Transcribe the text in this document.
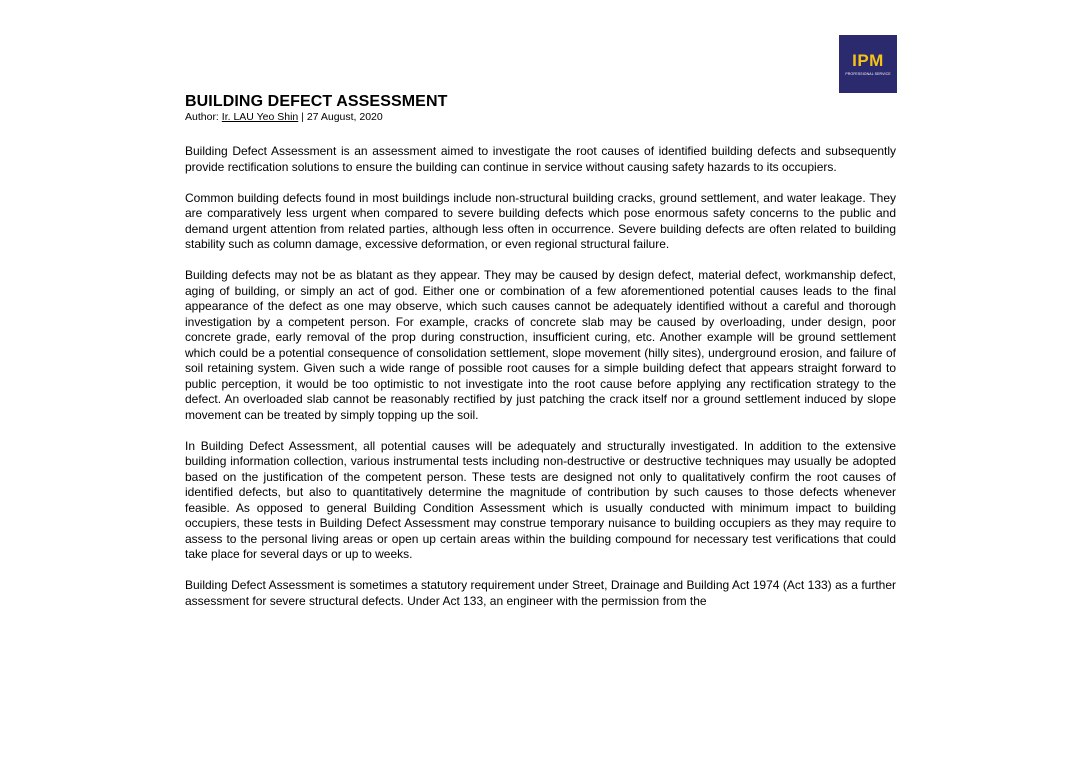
IPM
PROFESSIONAL SERVICE
BUILDING DEFECT ASSESSMENT

Author: Ir. LAU Yeo Shin | 27 August, 2020

Building Defect Assessment is an assessment aimed to investigate the root causes of identified building defects and subsequently provide rectification solutions to ensure the building can continue in service without causing safety hazards to its occupiers.

Common building defects found in most buildings include non-structural building cracks, ground settlement, and water leakage. They are comparatively less urgent when compared to severe building defects which pose enormous safety concerns to the public and demand urgent attention from related parties, although less often in occurrence. Severe building defects are often related to building stability such as column damage, excessive deformation, or even regional structural failure.

Building defects may not be as blatant as they appear. They may be caused by design defect, material defect, workmanship defect, aging of building, or simply an act of god. Either one or combination of a few aforementioned potential causes leads to the final appearance of the defect as one may observe, which such causes cannot be adequately identified without a careful and thorough investigation by a competent person. For example, cracks of concrete slab may be caused by overloading, under design, poor concrete grade, early removal of the prop during construction, insufficient curing, etc. Another example will be ground settlement which could be a potential consequence of consolidation settlement, slope movement (hilly sites), underground erosion, and failure of soil retaining system. Given such a wide range of possible root causes for a simple building defect that appears straight forward to public perception, it would be too optimistic to not investigate into the root cause before applying any rectification strategy to the defect. An overloaded slab cannot be reasonably rectified by just patching the crack itself nor a ground settlement induced by slope movement can be treated by simply topping up the soil.

In Building Defect Assessment, all potential causes will be adequately and structurally investigated. In addition to the extensive building information collection, various instrumental tests including non-destructive or destructive techniques may usually be adopted based on the justification of the competent person. These tests are designed not only to qualitatively confirm the root causes of identified defects, but also to quantitatively determine the magnitude of contribution by such causes to those defects whenever feasible. As opposed to general Building Condition Assessment which is usually conducted with minimum impact to building occupiers, these tests in Building Defect Assessment may construe temporary nuisance to building occupiers as they may require to assess to the personal living areas or open up certain areas within the building compound for necessary test verifications that could take place for several days or up to weeks.

Building Defect Assessment is sometimes a statutory requirement under Street, Drainage and Building Act 1974 (Act 133) as a further assessment for severe structural defects. Under Act 133, an engineer with the permission from the
